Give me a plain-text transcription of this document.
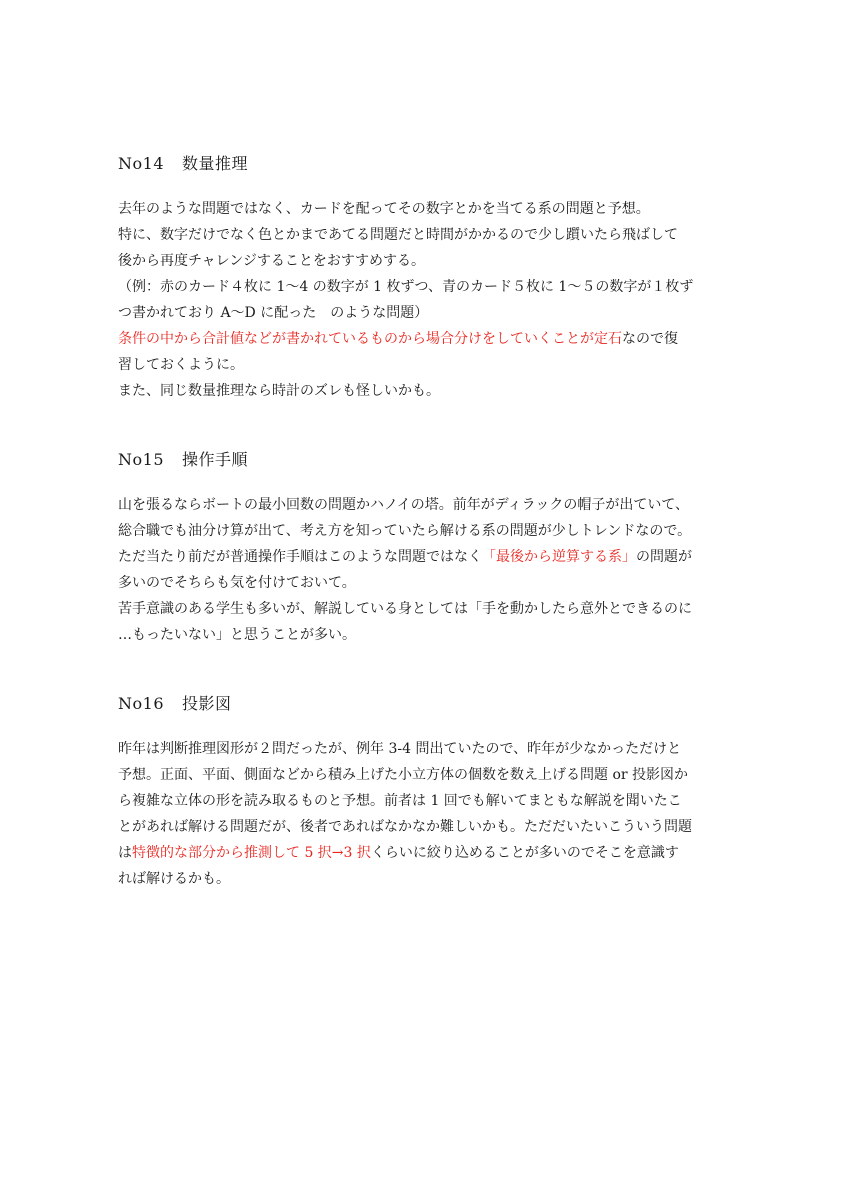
No14 数量推理
去年のような問題ではなく、カードを配ってその数字とかを当てる系の問題と予想。
特に、数字だけでなく色とかまであてる問題だと時間がかかるので少し躓いたら飛ばして
後から再度チャレンジすることをおすすめする。
（例：赤のカード４枚に 1～4 の数字が 1 枚ずつ、青のカード５枚に 1～５の数字が１枚ず
つ書かれており A～D に配った　のような問題）
条件の中から合計値などが書かれているものから場合分けをしていくことが定石なので復
習しておくように。
また、同じ数量推理なら時計のズレも怪しいかも。
No15 操作手順
山を張るならボートの最小回数の問題かハノイの塔。前年がディラックの帽子が出ていて、
総合職でも油分け算が出て、考え方を知っていたら解ける系の問題が少しトレンドなので。
ただ当たり前だが普通操作手順はこのような問題ではなく「最後から逆算する系」の問題が
多いのでそちらも気を付けておいて。
苦手意識のある学生も多いが、解説している身としては「手を動かしたら意外とできるのに
…もったいない」と思うことが多い。
No16 投影図
昨年は判断推理図形が２問だったが、例年 3-4 問出ていたので、昨年が少なかっただけと
予想。正面、平面、側面などから積み上げた小立方体の個数を数え上げる問題 or 投影図か
ら複雑な立体の形を読み取るものと予想。前者は 1 回でも解いてまともな解説を聞いたこ
とがあれば解ける問題だが、後者であればなかなか難しいかも。ただだいたいこういう問題
は特徴的な部分から推測して 5 択→3 択くらいに絞り込めることが多いのでそこを意識す
れば解けるかも。
